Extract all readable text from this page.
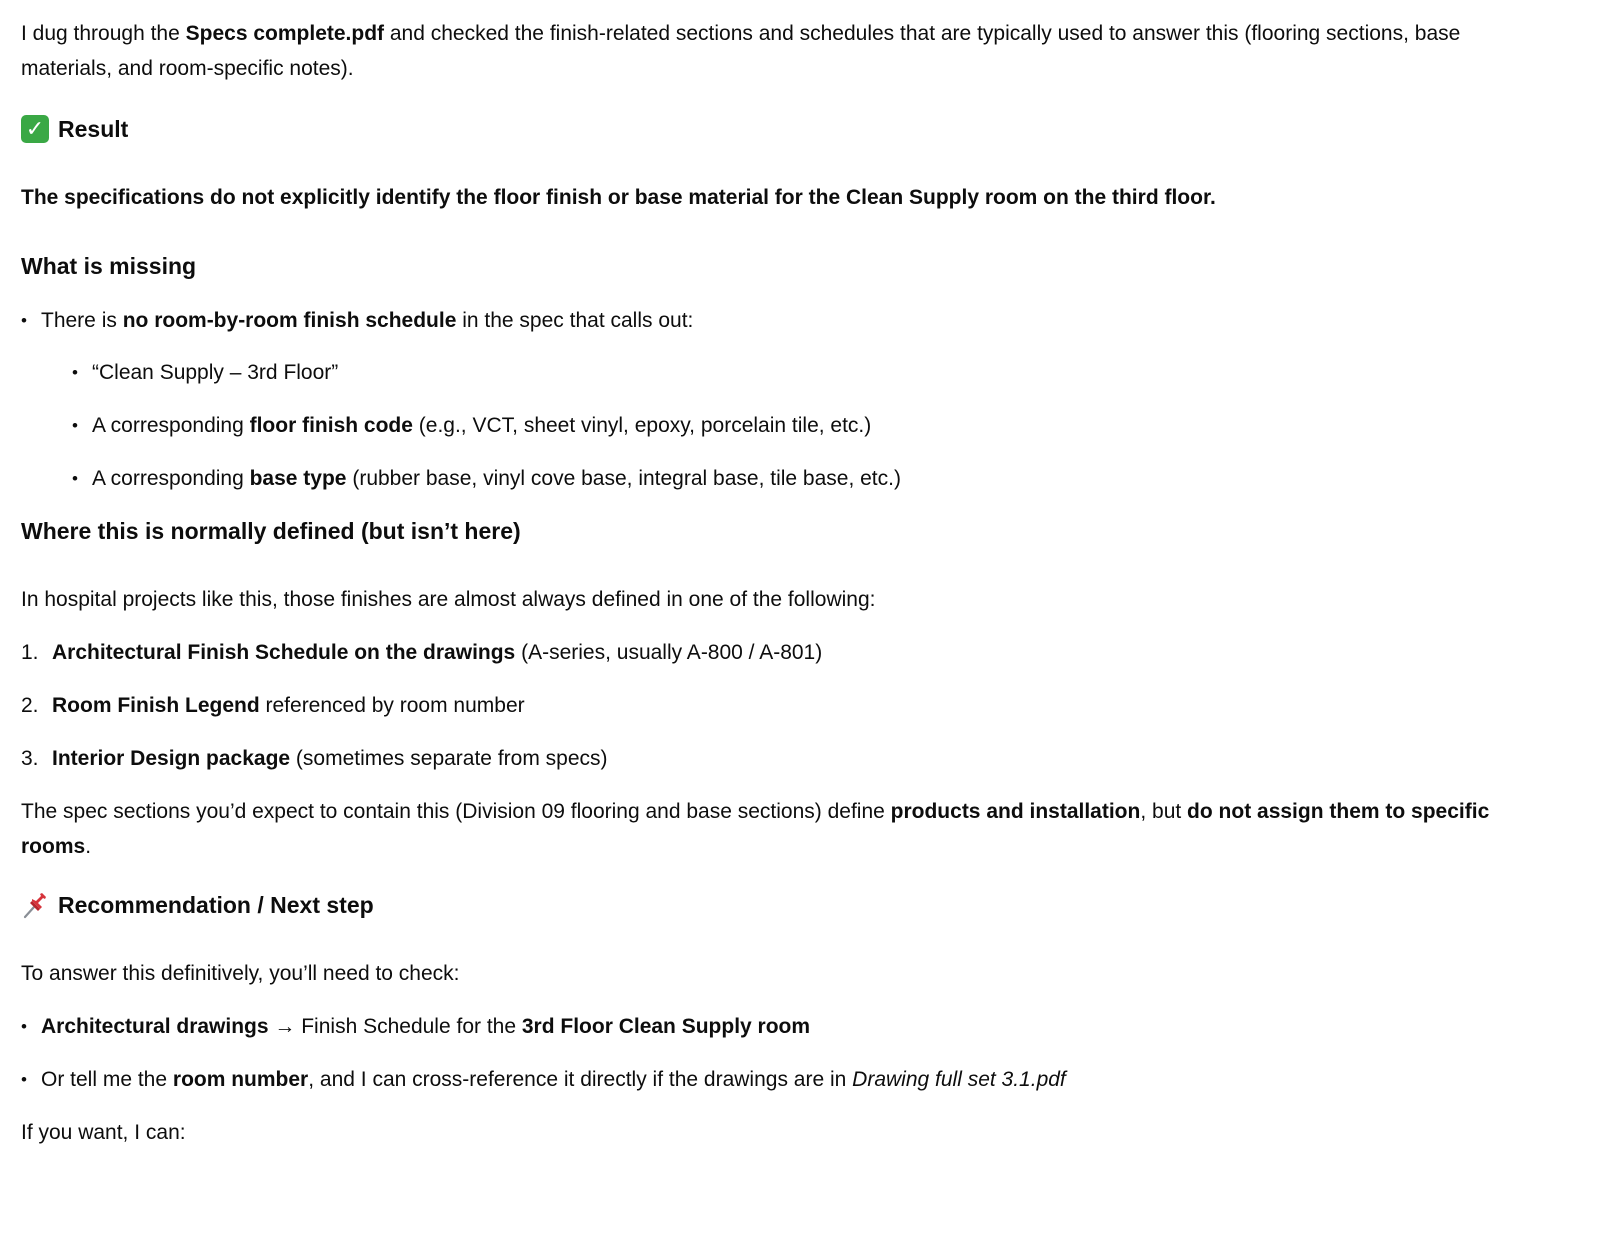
I dug through the Specs complete.pdf and checked the finish-related sections and schedules that are typically used to answer this (flooring sections, base materials, and room-specific notes).

✓ Result

The specifications do not explicitly identify the floor finish or base material for the Clean Supply room on the third floor.

What is missing
• There is no room-by-room finish schedule in the spec that calls out:
• “Clean Supply – 3rd Floor”
• A corresponding floor finish code (e.g., VCT, sheet vinyl, epoxy, porcelain tile, etc.)
• A corresponding base type (rubber base, vinyl cove base, integral base, tile base, etc.)
Where this is normally defined (but isn’t here)

In hospital projects like this, those finishes are almost always defined in one of the following:

1. Architectural Finish Schedule on the drawings (A-series, usually A-800 / A-801)
2. Room Finish Legend referenced by room number
3. Interior Design package (sometimes separate from specs)

The spec sections you’d expect to contain this (Division 09 flooring and base sections) define products and installation, but do not assign them to specific rooms.

Recommendation / Next step

To answer this definitively, you’ll need to check:

• Architectural drawings → Finish Schedule for the 3rd Floor Clean Supply room
• Or tell me the room number, and I can cross-reference it directly if the drawings are in Drawing full set 3.1.pdf

If you want, I can:
